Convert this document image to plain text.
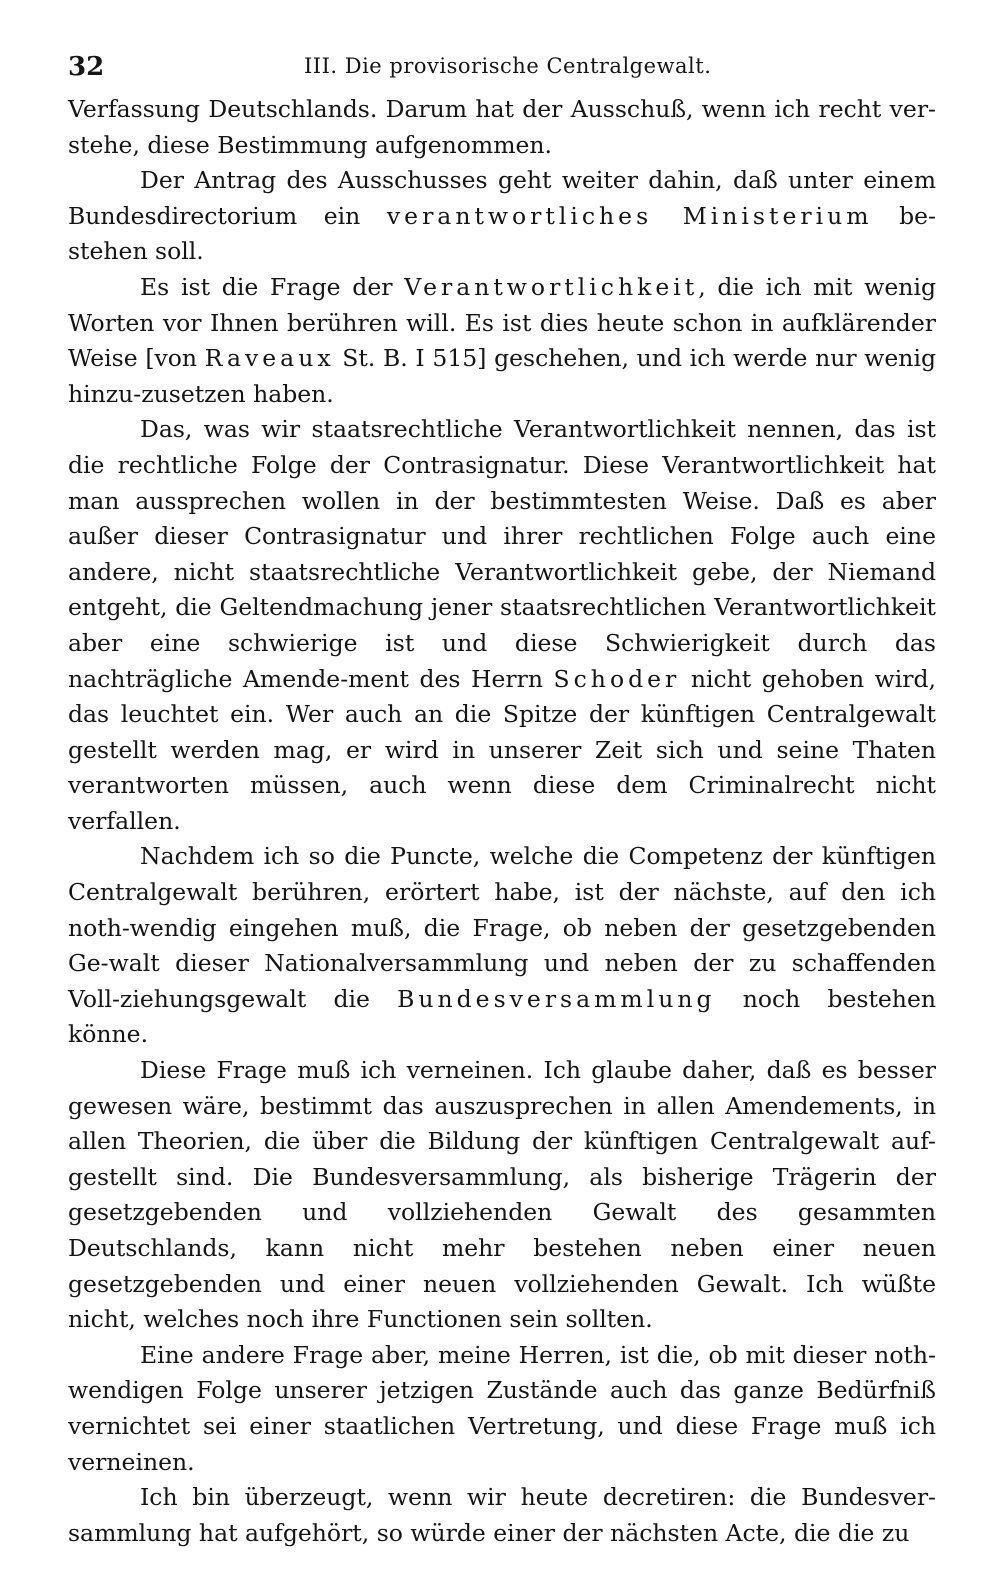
32	III. Die provisorische Centralgewalt.

Verfassung Deutschlands. Darum hat der Ausschuß, wenn ich recht ver-stehe, diese Bestimmung aufgenommen.

Der Antrag des Ausschusses geht weiter dahin, daß unter einem Bundesdirectorium ein verantwortliches Ministerium be-stehen soll.

Es ist die Frage der Verantwortlichkeit, die ich mit wenig Worten vor Ihnen berühren will. Es ist dies heute schon in aufklärender Weise [von Raveaux St. B. I 515] geschehen, und ich werde nur wenig hinzu-zusetzen haben.

Das, was wir staatsrechtliche Verantwortlichkeit nennen, das ist die rechtliche Folge der Contrasignatur. Diese Verantwortlichkeit hat man aussprechen wollen in der bestimmtesten Weise. Daß es aber außer dieser Contrasignatur und ihrer rechtlichen Folge auch eine andere, nicht staatsrechtliche Verantwortlichkeit gebe, der Niemand entgeht, die Geltendmachung jener staatsrechtlichen Verantwortlichkeit aber eine schwierige ist und diese Schwierigkeit durch das nachträgliche Amende-ment des Herrn Schoder nicht gehoben wird, das leuchtet ein. Wer auch an die Spitze der künftigen Centralgewalt gestellt werden mag, er wird in unserer Zeit sich und seine Thaten verantworten müssen, auch wenn diese dem Criminalrecht nicht verfallen.

Nachdem ich so die Puncte, welche die Competenz der künftigen Centralgewalt berühren, erörtert habe, ist der nächste, auf den ich noth-wendig eingehen muß, die Frage, ob neben der gesetzgebenden Ge-walt dieser Nationalversammlung und neben der zu schaffenden Voll-ziehungsgewalt die Bundesversammlung noch bestehen könne.

Diese Frage muß ich verneinen. Ich glaube daher, daß es besser gewesen wäre, bestimmt das auszusprechen in allen Amendements, in allen Theorien, die über die Bildung der künftigen Centralgewalt auf-gestellt sind. Die Bundesversammlung, als bisherige Trägerin der gesetzgebenden und vollziehenden Gewalt des gesammten Deutschlands, kann nicht mehr bestehen neben einer neuen gesetzgebenden und einer neuen vollziehenden Gewalt. Ich wüßte nicht, welches noch ihre Functionen sein sollten.

Eine andere Frage aber, meine Herren, ist die, ob mit dieser noth-wendigen Folge unserer jetzigen Zustände auch das ganze Bedürfniß vernichtet sei einer staatlichen Vertretung, und diese Frage muß ich verneinen.

Ich bin überzeugt, wenn wir heute decretiren: die Bundesver-sammlung hat aufgehört, so würde einer der nächsten Acte, die die zu
